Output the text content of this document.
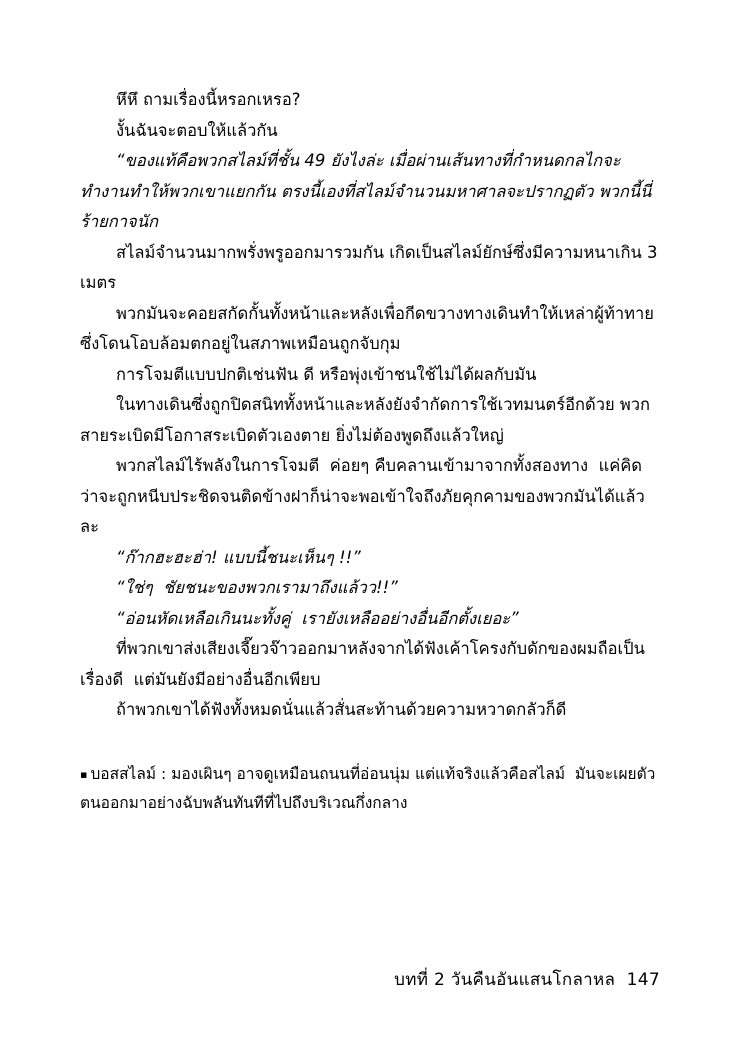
หึหึ ถามเรื่องนี้หรอกเหรอ?

งั้นฉันจะตอบให้แล้วกัน

“ของแท้คือพวกสไลม์ที่ชั้น 49 ยังไงล่ะ เมื่อผ่านเส้นทางที่กำหนดกลไกจะทำงานทำให้พวกเขาแยกกัน ตรงนี้เองที่สไลม์จำนวนมหาศาลจะปรากฏตัว พวกนี้นี่ร้ายกาจนัก

สไลม์จำนวนมากพรั่งพรูออกมารวมกัน เกิดเป็นสไลม์ยักษ์ซึ่งมีความหนาเกิน 3 เมตร

พวกมันจะคอยสกัดกั้นทั้งหน้าและหลังเพื่อกีดขวางทางเดินทำให้เหล่าผู้ท้าทายซึ่งโดนโอบล้อมตกอยู่ในสภาพเหมือนถูกจับกุม

การโจมตีแบบปกติเช่นฟัน ดี หรือพุ่งเข้าชนใช้ไม่ได้ผลกับมัน

ในทางเดินซึ่งถูกปิดสนิททั้งหน้าและหลังยังจำกัดการใช้เวทมนตร์อีกด้วย พวกสายระเบิดมีโอกาสระเบิดตัวเองตาย ยิ่งไม่ต้องพูดถึงแล้วใหญ่

พวกสไลม์ไร้พลังในการโจมตี  ค่อยๆ คืบคลานเข้ามาจากทั้งสองทาง  แค่คิดว่าจะถูกหนีบประชิดจนติดข้างฝาก็น่าจะพอเข้าใจถึงภัยคุกคามของพวกมันได้แล้วละ

“ก๊ากฮะฮะฮ่า! แบบนี้ชนะเห็นๆ !!”

“ใช่ๆ  ชัยชนะของพวกเรามาถึงแล้วว!!”

“อ่อนหัดเหลือเกินนะทั้งคู่  เรายังเหลืออย่างอื่นอีกตั้งเยอะ”

ที่พวกเขาส่งเสียงเจี๊ยวจ๊าวออกมาหลังจากได้ฟังเค้าโครงกับดักของผมถือเป็นเรื่องดี  แต่มันยังมีอย่างอื่นอีกเพียบ

ถ้าพวกเขาได้ฟังทั้งหมดนั่นแล้วสั่นสะท้านด้วยความหวาดกลัวก็ดี

▪ บอสสไลม์ : มองเผินๆ อาจดูเหมือนถนนที่อ่อนนุ่ม แต่แท้จริงแล้วคือสไลม์  มันจะเผยตัวตนออกมาอย่างฉับพลันทันทีที่ไปถึงบริเวณกึ่งกลาง

บทที่ 2 วันคืนอันแสนโกลาหล  147
